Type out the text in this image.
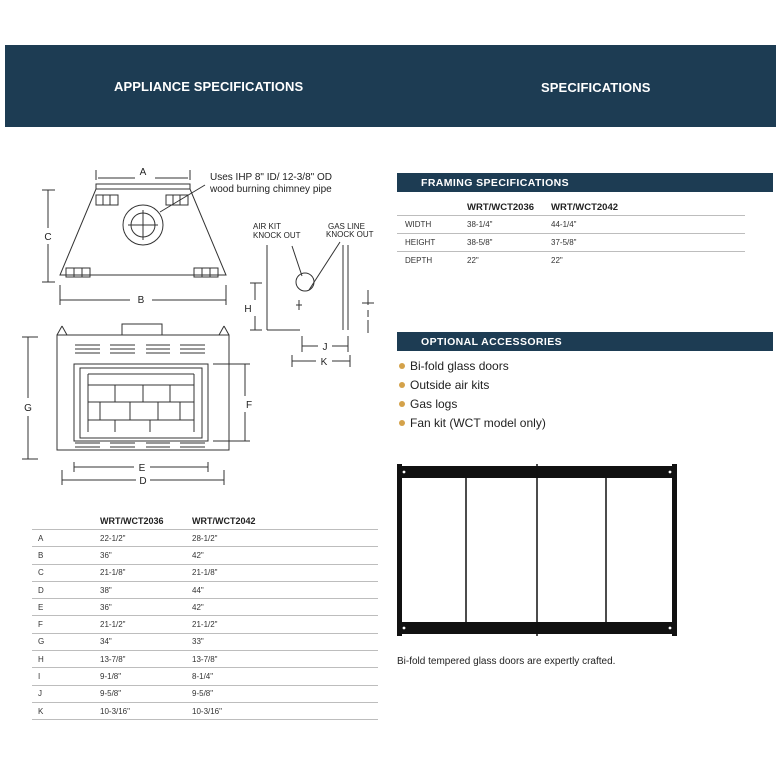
APPLIANCE SPECIFICATIONS	SPECIFICATIONS
A
B
C
G	F
E
D
H	I
J
K
Uses IHP 8" ID/ 12-3/8" OD
wood burning chimney pipe
AIR KIT
KNOCK OUT
GAS LINE
KNOCK OUT
	WRT/WCT2036	WRT/WCT2042
A	22-1/2"	28-1/2"
B	36"	42"
C	21-1/8"	21-1/8"
D	38"	44"
E	36"	42"
F	21-1/2"	21-1/2"
G	34"	33"
H	13-7/8"	13-7/8"
I	9-1/8"	8-1/4"
J	9-5/8"	9-5/8"
K	10-3/16"	10-3/16"
FRAMING SPECIFICATIONS
	WRT/WCT2036	WRT/WCT2042
WIDTH	38-1/4"	44-1/4"
HEIGHT	38-5/8"	37-5/8"
DEPTH	22"	22"
OPTIONAL ACCESSORIES
Bi-fold glass doors
Outside air kits
Gas logs
Fan kit (WCT model only)
Bi-fold tempered glass doors are expertly crafted.
